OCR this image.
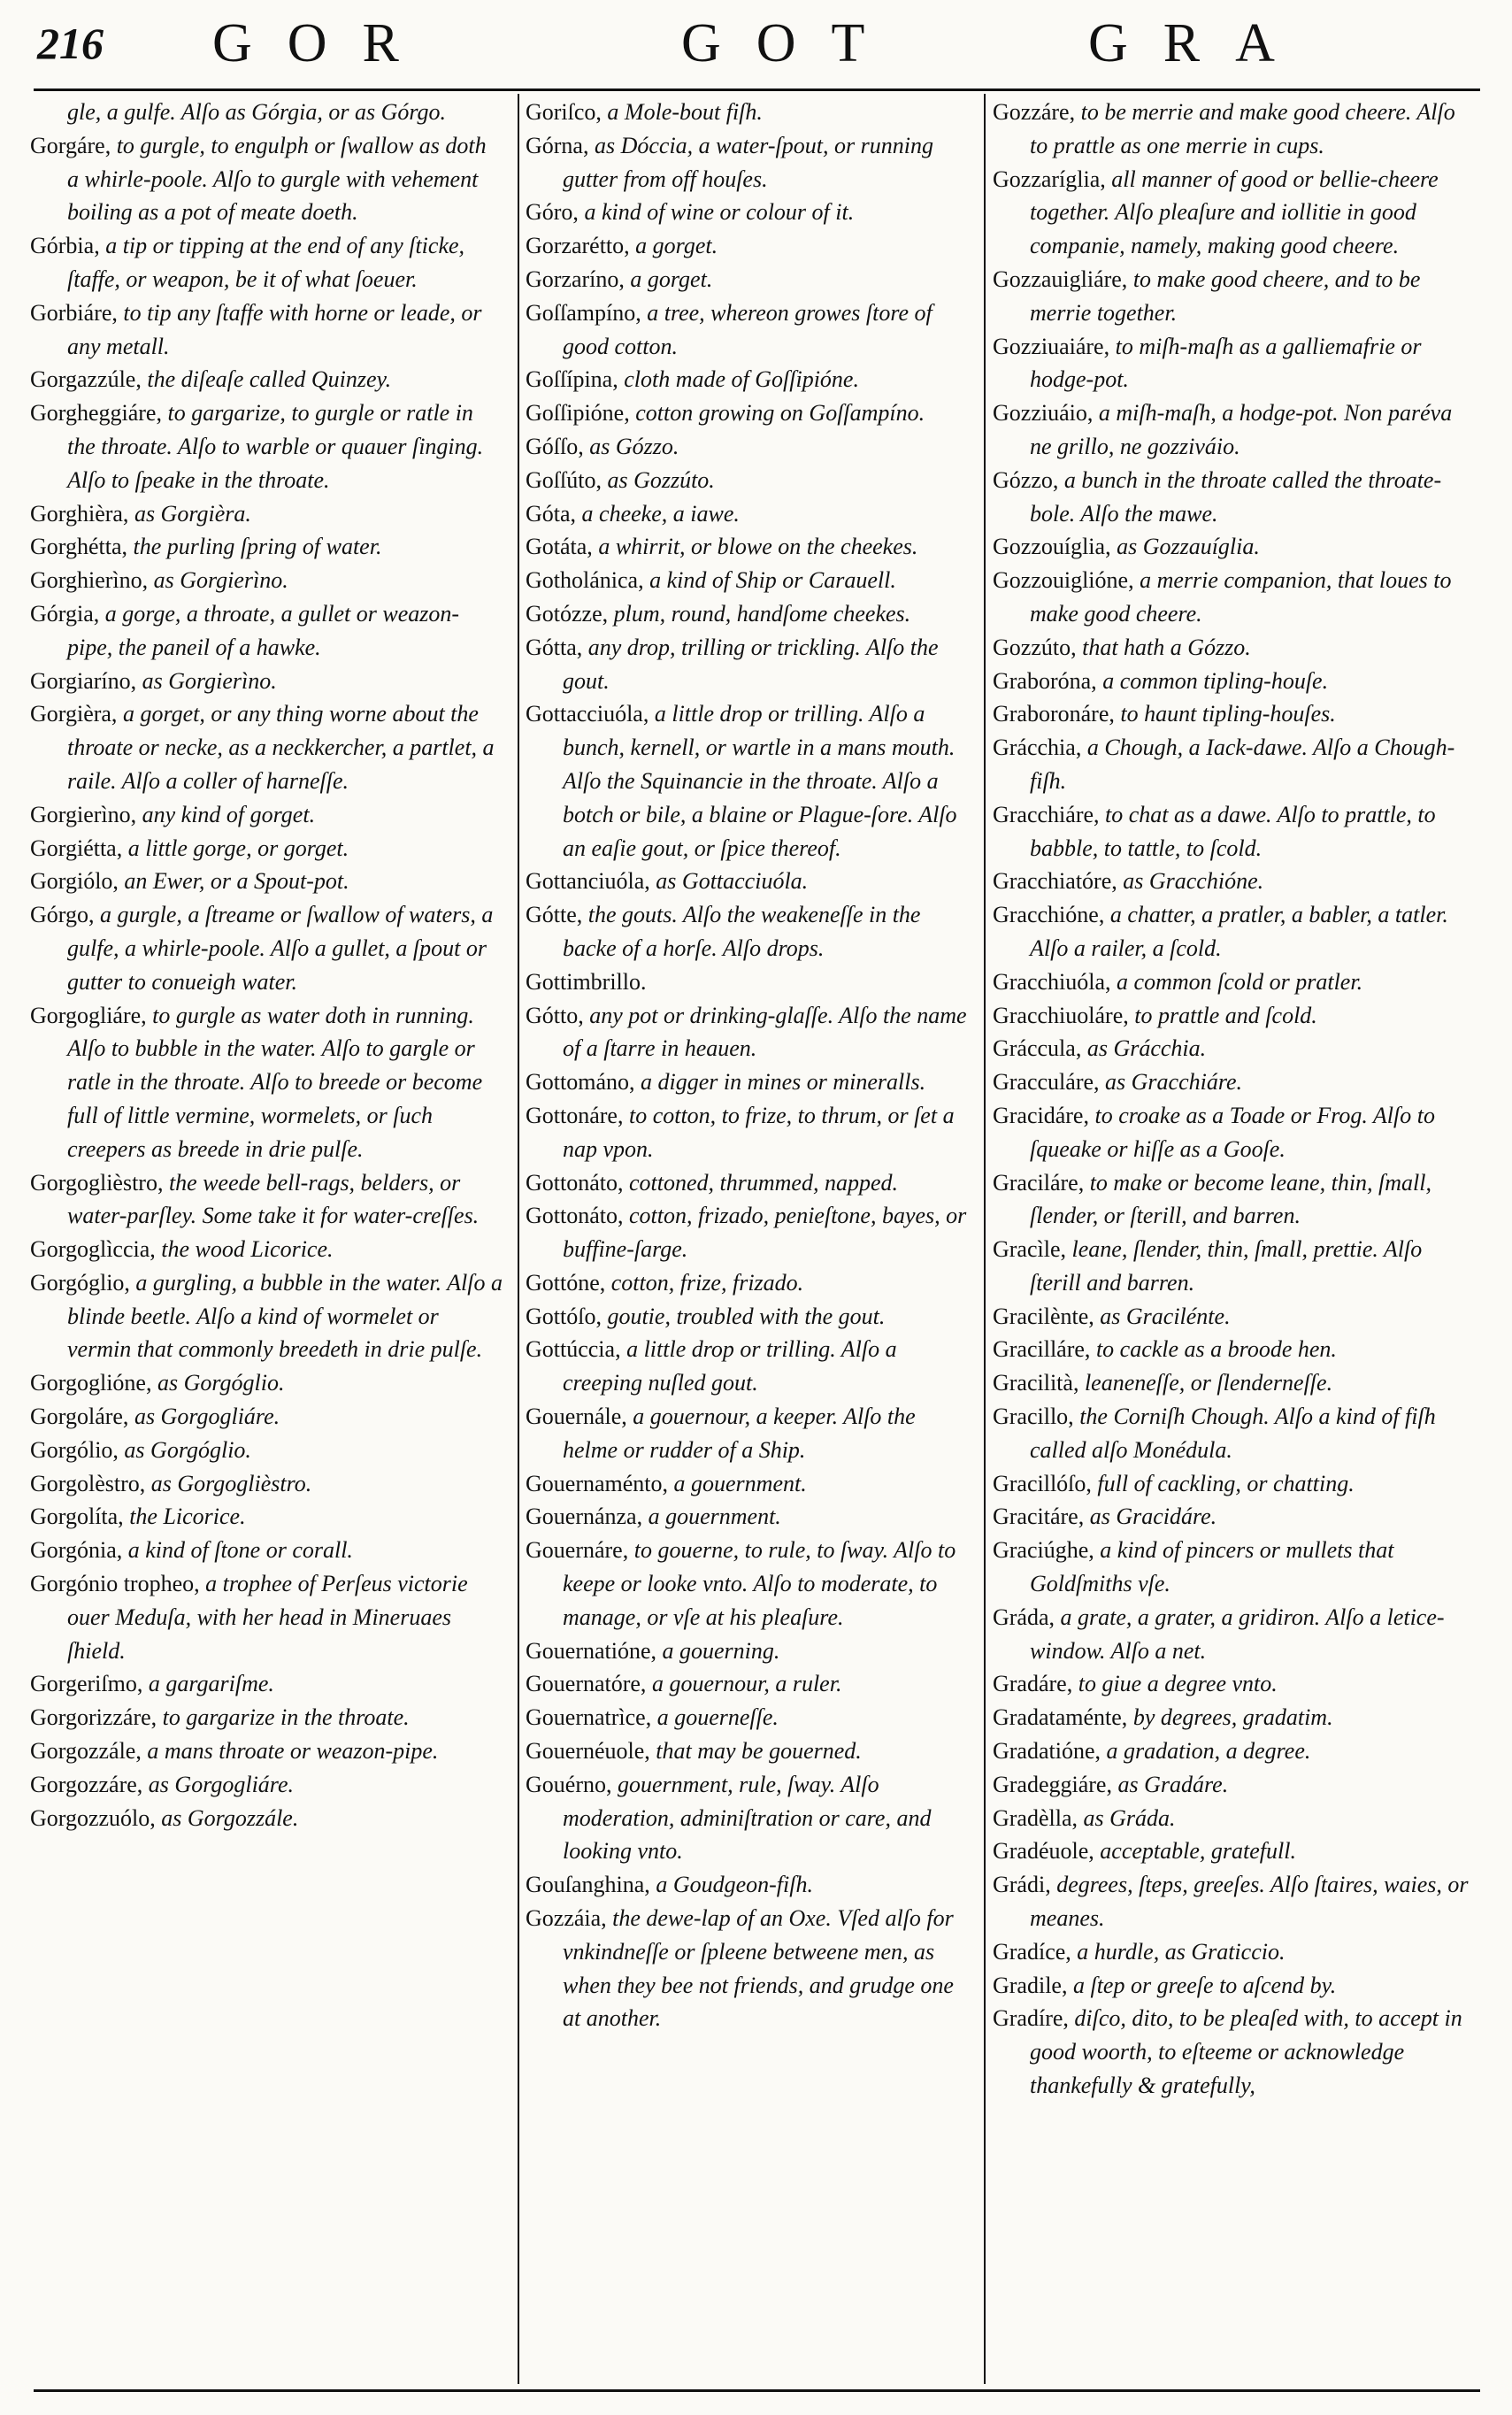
216 GOR	GOT	GRA
gle, a gulfe. Alſo as Górgia, or as Górgo.
Gorgáre, to gurgle, to engulph or ſwallow as doth a whirle-poole. Alſo to gurgle with vehement boiling as a pot of meate doeth.
Górbia, a tip or tipping at the end of any ſticke, ſtaffe, or weapon, be it of what ſoeuer.
Gorbiáre, to tip any ſtaffe with horne or leade, or any metall.
Gorgazzúle, the diſeaſe called Quinzey.
Gorgheggiáre, to gargarize, to gurgle or ratle in the throate. Alſo to warble or quauer ſinging. Alſo to ſpeake in the throate.
Gorghièra, as Gorgièra.
Gorghétta, the purling ſpring of water.
Gorghierìno, as Gorgierìno.
Górgia, a gorge, a throate, a gullet or weazon-pipe, the paneil of a hawke.
Gorgiaríno, as Gorgierìno.
Gorgièra, a gorget, or any thing worne about the throate or necke, as a neckkercher, a partlet, a raile. Alſo a coller of harneſſe.
Gorgierìno, any kind of gorget.
Gorgiétta, a little gorge, or gorget.
Gorgiólo, an Ewer, or a Spout-pot.
Górgo, a gurgle, a ſtreame or ſwallow of waters, a gulfe, a whirle-poole. Alſo a gullet, a ſpout or gutter to conueigh water.
Gorgogliáre, to gurgle as water doth in running. Alſo to bubble in the water. Alſo to gargle or ratle in the throate. Alſo to breede or become full of little vermine, wormelets, or ſuch creepers as breede in drie pulſe.
Gorgoglièstro, the weede bell-rags, belders, or water-parſley. Some take it for water-creſſes.
Gorgoglìccia, the wood Licorice.
Gorgóglio, a gurgling, a bubble in the water. Alſo a blinde beetle. Alſo a kind of wormelet or vermin that commonly breedeth in drie pulſe.
Gorgoglióne, as Gorgóglio.
Gorgoláre, as Gorgogliáre.
Gorgólio, as Gorgóglio.
Gorgolèstro, as Gorgoglièstro.
Gorgolíta, the Licorice.
Gorgónia, a kind of ſtone or corall.
Gorgónio tropheo, a trophee of Perſeus victorie ouer Meduſa, with her head in Mineruaes ſhield.
Gorgeriſmo, a gargariſme.
Gorgorizzáre, to gargarize in the throate.
Gorgozzále, a mans throate or weazon-pipe.
Gorgozzáre, as Gorgogliáre.
Gorgozzuólo, as Gorgozzále.
Goriſco, a Mole-bout fiſh.
Górna, as Dóccia, a water-ſpout, or running gutter from off houſes.
Góro, a kind of wine or colour of it.
Gorzarétto, a gorget.
Gorzaríno, a gorget.
Goſſampíno, a tree, whereon growes ſtore of good cotton.
Goſſípina, cloth made of Goſſipióne.
Goſſipióne, cotton growing on Goſſampíno.
Góſſo, as Gózzo.
Goſſúto, as Gozzúto.
Góta, a cheeke, a iawe.
Gotáta, a whirrit, or blowe on the cheekes.
Gotholánica, a kind of Ship or Carauell.
Gotózze, plum, round, handſome cheekes.
Gótta, any drop, trilling or trickling. Alſo the gout.
Gottacciuóla, a little drop or trilling. Alſo a bunch, kernell, or wartle in a mans mouth. Alſo the Squinancie in the throate. Alſo a botch or bile, a blaine or Plague-ſore. Alſo an eaſie gout, or ſpice thereof.
Gottanciuóla, as Gottacciuóla.
Gótte, the gouts. Alſo the weakeneſſe in the backe of a horſe. Alſo drops.
Gottimbrillo.
Gótto, any pot or drinking-glaſſe. Alſo the name of a ſtarre in heauen.
Gottománo, a digger in mines or mineralls.
Gottonáre, to cotton, to frize, to thrum, or ſet a nap vpon.
Gottonáto, cottoned, thrummed, napped.
Gottonáto, cotton, frizado, penieſtone, bayes, or buffine-ſarge.
Gottóne, cotton, frize, frizado.
Gottóſo, goutie, troubled with the gout.
Gottúccia, a little drop or trilling. Alſo a creeping nuſled gout.
Gouernále, a gouernour, a keeper. Alſo the helme or rudder of a Ship.
Gouernaménto, a gouernment.
Gouernánza, a gouernment.
Gouernáre, to gouerne, to rule, to ſway. Alſo to keepe or looke vnto. Alſo to moderate, to manage, or vſe at his pleaſure.
Gouernatióne, a gouerning.
Gouernatóre, a gouernour, a ruler.
Gouernatrìce, a gouerneſſe.
Gouernéuole, that may be gouerned.
Gouérno, gouernment, rule, ſway. Alſo moderation, adminiſtration or care, and looking vnto.
Gouſanghina, a Goudgeon-fiſh.
Gozzáia, the dewe-lap of an Oxe. Vſed alſo for vnkindneſſe or ſpleene betweene men, as when they bee not friends, and grudge one at another.
Gozzáre, to be merrie and make good cheere. Alſo to prattle as one merrie in cups.
Gozzaríglia, all manner of good or bellie-cheere together. Alſo pleaſure and iollitie in good companie, namely, making good cheere.
Gozzauigliáre, to make good cheere, and to be merrie together.
Gozziuaiáre, to miſh-maſh as a galliemafrie or hodge-pot.
Gozziuáio, a miſh-maſh, a hodge-pot. Non paréva ne grillo, ne gozziváio.
Gózzo, a bunch in the throate called the throate-bole. Alſo the mawe.
Gozzouíglia, as Gozzauíglia.
Gozzouiglióne, a merrie companion, that loues to make good cheere.
Gozzúto, that hath a Gózzo.
Graboróna, a common tipling-houſe.
Graboronáre, to haunt tipling-houſes.
Grácchia, a Chough, a Iack-dawe. Alſo a Chough-fiſh.
Gracchiáre, to chat as a dawe. Alſo to prattle, to babble, to tattle, to ſcold.
Gracchiatóre, as Gracchióne.
Gracchióne, a chatter, a pratler, a babler, a tatler. Alſo a railer, a ſcold.
Gracchiuóla, a common ſcold or pratler.
Gracchiuoláre, to prattle and ſcold.
Gráccula, as Grácchia.
Gracculáre, as Gracchiáre.
Gracidáre, to croake as a Toade or Frog. Alſo to ſqueake or hiſſe as a Gooſe.
Graciláre, to make or become leane, thin, ſmall, ſlender, or ſterill, and barren.
Gracìle, leane, ſlender, thin, ſmall, prettie. Alſo ſterill and barren.
Gracilènte, as Gracilénte.
Gracilláre, to cackle as a broode hen.
Gracilità, leaneneſſe, or ſlenderneſſe.
Gracillo, the Corniſh Chough. Alſo a kind of fiſh called alſo Monédula.
Gracillóſo, full of cackling, or chatting.
Gracitáre, as Gracidáre.
Graciúghe, a kind of pincers or mullets that Goldſmiths vſe.
Gráda, a grate, a grater, a gridiron. Alſo a letice-window. Alſo a net.
Gradáre, to giue a degree vnto.
Gradataménte, by degrees, gradatim.
Gradatióne, a gradation, a degree.
Gradeggiáre, as Gradáre.
Gradèlla, as Gráda.
Gradéuole, acceptable, gratefull.
Grádi, degrees, ſteps, greeſes. Alſo ſtaires, waies, or meanes.
Gradíce, a hurdle, as Graticcio.
Gradile, a ſtep or greeſe to aſcend by.
Gradíre, diſco, dito, to be pleaſed with, to accept in good woorth, to eſteeme or acknowledge thankefully & gratefully,
